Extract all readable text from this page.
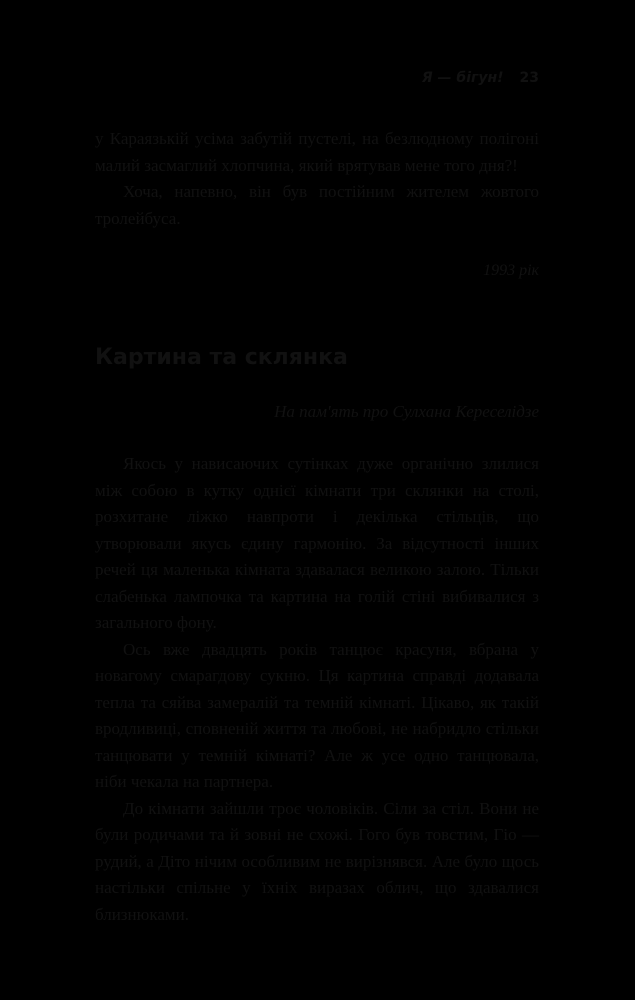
Я — бігун! 23

у Караязькій усіма забутій пустелі, на безлюдному полігоні малий засмаглий хлопчина, який врятував мене того дня?!

Хоча, напевно, він був постійним жителем жовтого тролейбуса.

1993 рік
Картина та склянка
На пам'ять про Сулхана Кереселідзе

Якось у нависаючих сутінках дуже органічно злилися між собою в кутку однієї кімнати три склянки на столі, розхитане ліжко навпроти і декілька стільців, що утворювали якусь єдину гармонію. За відсутності інших речей ця маленька кімната здавалася великою залою. Тільки слабенька лампочка та картина на голій стіні вибивалися з загального фону.

Ось вже двадцять років танцює красуня, вбрана у новагому смарагдову сукню. Ця картина справді додавала тепла та сяйва замералій та темній кімнаті. Цікаво, як такій вродливиці, сповненій життя та любові, не набридло стільки танцювати у темній кімнаті? Але ж усе одно танцювала, ніби чекала на партнера.

До кімнати зайшли троє чоловіків. Сіли за стіл. Вони не були родичами та й зовні не схожі. Гого був товстим, Гіо — рудий, а Діто нічим особливим не вирізнявся. Але було щось настільки спільне у їхніх виразах облич, що здавалися близнюками.
